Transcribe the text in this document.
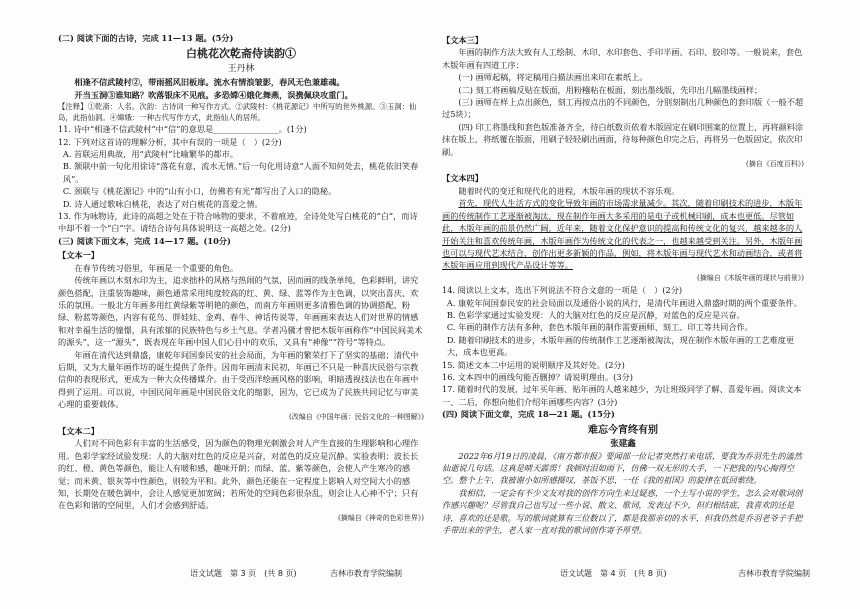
(二) 阅读下面的古诗，完成 11—13 题。(5分)

白桃花次乾斋侍读韵①

王丹林

相逢不信武陵村②，带雨摇风旧板扉。流水有情浪皱影，春风无色兼雄魂。

开当玉洞③谁知路？吹落银床不见痕。多恐嫦④娥化舞燕，误携佩玦攻重门。

【注释】①乾斋：人名。次韵：古诗词一种写作方式。②武陵村：《桃花源记》中所写的世外桃源。③玉洞：仙岛，此指仙洞。④嫦娥：一种古代写作方式，此指仙人的居所。

11. 诗中“相逢不信武陵村”中“信”的意思是________________。(1分)

12. 下列对这首诗的理解分析，其中有误的一项是（　）(2分)

A. 首联运用典故，用“武陵村”比喻繁华的都市。

B. 颔联中前一句化用徐诗“落花有意，流水无情。”后一句化用诗意“人面不知何处去，桃花依旧笑春风”。

C. 颈联与《桃花源记》中的“山有小口，仿佛若有光”都写出了入口的隐秘。

D. 诗人通过歌咏白桃花，表达了对白桃花的喜爱之情。

13. 作为咏物诗，此诗的高超之处在于符合咏物的要求，不着痕迹，全诗处处写白桃花的“白”，而诗中却不着一个“白”字。请结合诗句具体说明这一高超之处。(2分)

(三) 阅读下面文本，完成 14—17 题。(10分)

【文本一】

在春节传统习俗里，年画是一个重要的角色。

传统年画以木刻水印为主，追求拙朴的风格与热闹的气氛，因而画的线条单纯，色彩鲜明，讲究颜色搭配，注重装饰趣味，颜色通常采用纯度较高的红、黄、绿、蓝等作为主色调，以突出喜庆、欢乐的氛围。一般北方年画多用红黄绿紫等明艳的颜色，而南方年画则更多清雅色调的协调搭配，粉绿、粉蓝等颜色，内容有花鸟、胖娃娃、金鸡、春牛、神话传说等，年画画来表达人们对世界的情感和对幸福生活的憧憬，具有浓郁的民族特色与乡土气息。学者冯骥才曾把木版年画称作“中国民间美术的源头”，这一“源头”，既表现在年画中国人们心目中的欢乐，又具有“神像”“符号”等特点。

年画在清代达到鼎盛，康乾年间国泰民安的社会局面，为年画的繁荣打下了坚实的基础；清代中后期，又为大量年画作坊的诞生提供了条件。因而年画清末民初，年画已不只是一种喜庆民俗与宗教信仰的表现形式，更成为一种大众传播媒介。由于受西洋绘画风格的影响，明暗透视技法也在年画中得到了运用。可以说，中国民间年画是中国民俗文化的缩影，因为，它已成为了民族共同记忆与审美心理的重要载体。

(改编自《中国年画：民俗文化的一种图解》)

【文本二】

人们对不同色彩有丰富的生活感受，因为颜色的物理光刺激会对人产生直接的生理影响和心理作用。色彩学家经试验发现：人的大脑对红色的反应是兴奋，对蓝色的反应是沉静。实验表明：波长长的红、橙、黄色等颜色，能让人有暖和感，趣味开朗；而绿、蓝、紫等颜色，会使人产生寒冷的感觉；而米黄、银灰等中性颜色，则较为平和。此外，颜色还能在一定程度上影响人对空间大小的感知，长期处在暖色调中，会让人感觉更加宽阔；若所处的空间色彩很杂乱，则会让人心神不宁；只有在色彩和谐的空间里，人们才会感到舒适。

(摘编自《神奇的色彩世界》)

【文本三】

年画的制作方法大致有人工绘制、木印、水印套色、手印半画、石印、胶印等。一般说来，套色木版年画有四道工序：

(一) 画师起稿，将定稿用白描法画出来印在素纸上。

(二) 刻工将画稿反贴在版面，用粉糨粘在板面，刻出墨线版，先印出几幅墨线画样；

(三) 画师在样上点出颜色，刻工再按点出的不同颜色，分别刻制出几种颜色的套印版（一般不超过5块）；

(四) 印工将墨线和套色版准备齐全，待白纸数页依着木版固定在刷印围案的位置上，再将颜料涂抹在版上，将纸覆在版面，用刷子轻轻刷出画面，待每种颜色印完之后，再将另一色版固定，依次印刷。

(摘自《百度百科》)

【文本四】

随着时代的变迁和现代化的进程，木版年画的现状不容乐观。

首先，现代人生活方式的变化导致年画的市场需求量减少。其次，随着印刷技术的进步，木版年画的传统制作工艺逐渐被淘汰，现在制作年画大多采用的是电子或机械印刷，成本也更低。尽管如此，木版年画的前景仍然广阔，近年来，随着文化保护意识的提高和传统文化的复兴，越来越多的人开始关注和喜欢传统年画，木版年画作为传统文化的代表之一，也越来越受到关注。另外，木版年画也可以与现代艺术结合，创作出更多新颖的作品，例如，将木版年画与现代艺术和动画结合，或者将木版年画应用到现代产品设计等等。

(摘编自《木版年画的现状与前景》)

14. 阅读以上文本，选出下列说法不符合文意的一项是（　）(2分)

A. 康乾年间国泰民安的社会局面以及通俗小说的风行，是清代年画进入鼎盛时期的两个重要条件。

B. 色彩学家通过实验发现：人的大脑对红色的反应是沉静，对蓝色的反应是兴奋。

C. 年画的制作方法有多种，套色木版年画的制作需要画师、刻工、印工等共同合作。

D. 随着印刷技术的进步，木版年画的传统制作工艺逐渐被淘汰，现在制作木版年画的工艺难度更大，成本也更高。

15. 简述文本二中运用的说明顺序及其好处。(2分)

16. 文本四中的画线句能否删掉？请说明理由。(3分)

17. 随着时代的发展，过年买年画、贴年画的人越来越少，为让班级同学了解、喜爱年画。阅读文本一、二后，你想向他们介绍年画哪些内容？(3分)

(四) 阅读下面文章，完成 18—21 题。(15分)

难忘今宵终有别

张建鑫

2022年6月19日的凌晨，《南方都市报》要闻部一位记者突然打来电话，要我为乔羽先生的溘然仙逝说几句话。这真是晴天霹雳！我顿时泪如雨下，仿佛一双无形的大手，一下把我的内心掏得空空。整个上午，我被谢小如所感摄叹，茶饭不思，一任《我的祖国》的旋律在低回萦绕。

我相信，一定会有不少文友对我的创作方向生来过疑惑，一个土写小说的学生，怎么会对歌词创作感兴趣呢？尽管我自己也写过一些小说、散文、歌词，发表过不少，但归根结底，我喜欢的还是诗，喜欢的还是歌。写的歌词就算有三位数以了，都是我那亲切的水平，但我仍然是乔羽老爷子手把手带出来的学生，老人家一直对我的歌词创作寄予厚望。

语文试题　第 3 页　(共 8 页)	吉林市教育学院编制	语文试题　第 4 页　(共 8 页)	吉林市教育学院编制
